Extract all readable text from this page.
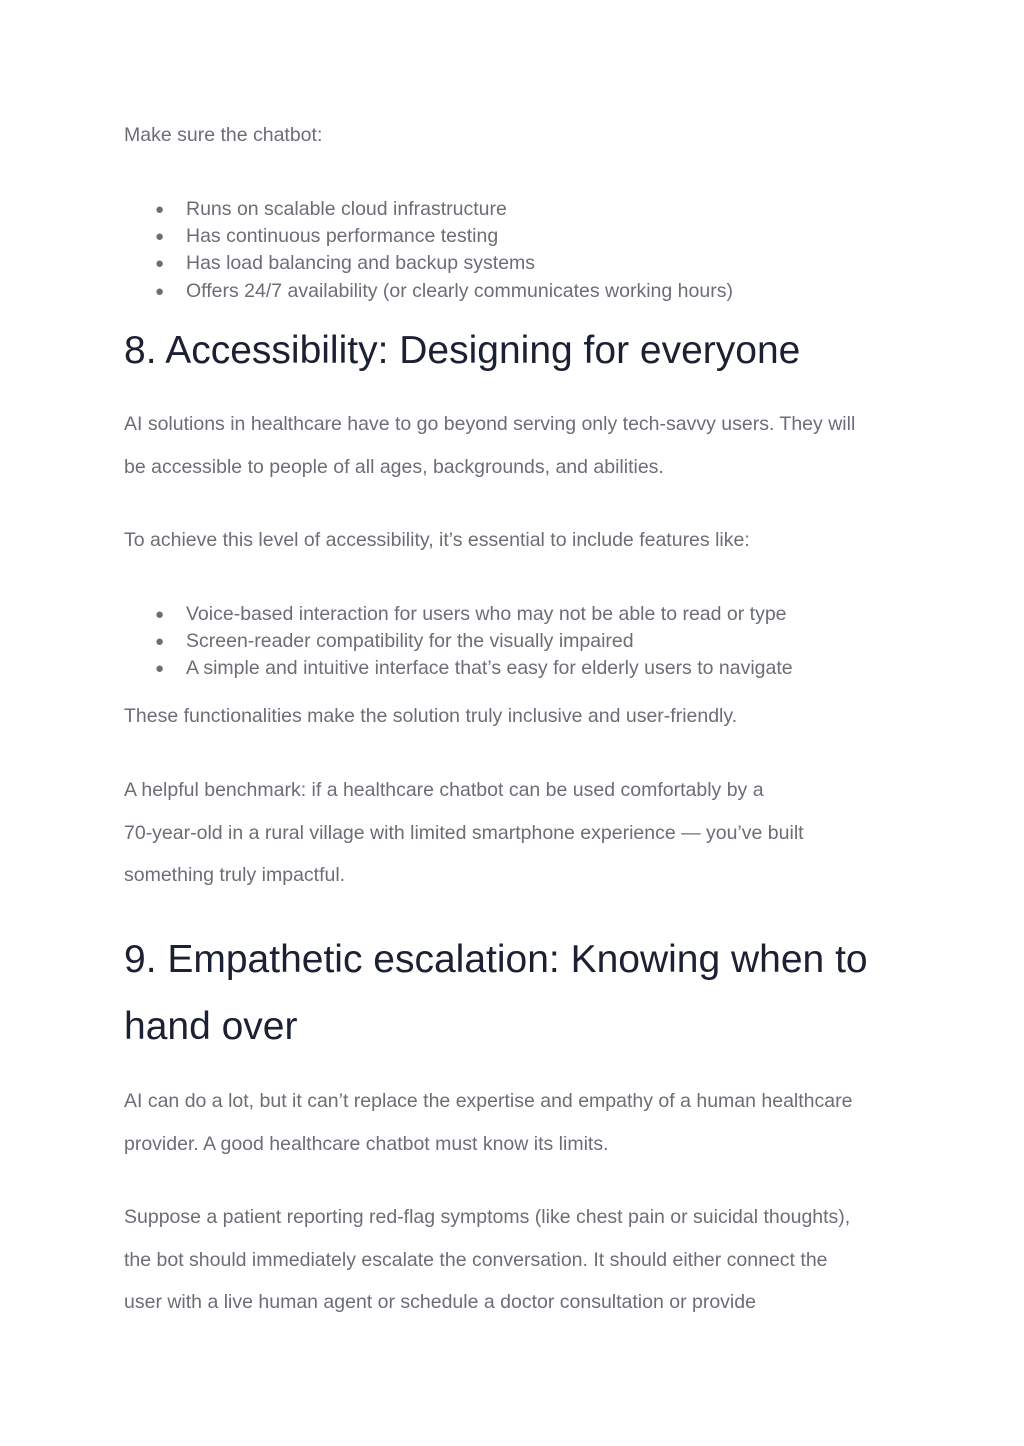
Make sure the chatbot:

● Runs on scalable cloud infrastructure
● Has continuous performance testing
● Has load balancing and backup systems
● Offers 24/7 availability (or clearly communicates working hours)
8. Accessibility: Designing for everyone

AI solutions in healthcare have to go beyond serving only tech-savvy users. They will
be accessible to people of all ages, backgrounds, and abilities.

To achieve this level of accessibility, it’s essential to include features like:

● Voice-based interaction for users who may not be able to read or type
● Screen-reader compatibility for the visually impaired
● A simple and intuitive interface that’s easy for elderly users to navigate

These functionalities make the solution truly inclusive and user-friendly.

A helpful benchmark: if a healthcare chatbot can be used comfortably by a
70-year-old in a rural village with limited smartphone experience — you’ve built
something truly impactful.

9. Empathetic escalation: Knowing when to
hand over

AI can do a lot, but it can’t replace the expertise and empathy of a human healthcare
provider. A good healthcare chatbot must know its limits.

Suppose a patient reporting red-flag symptoms (like chest pain or suicidal thoughts),
the bot should immediately escalate the conversation. It should either connect the
user with a live human agent or schedule a doctor consultation or provide
